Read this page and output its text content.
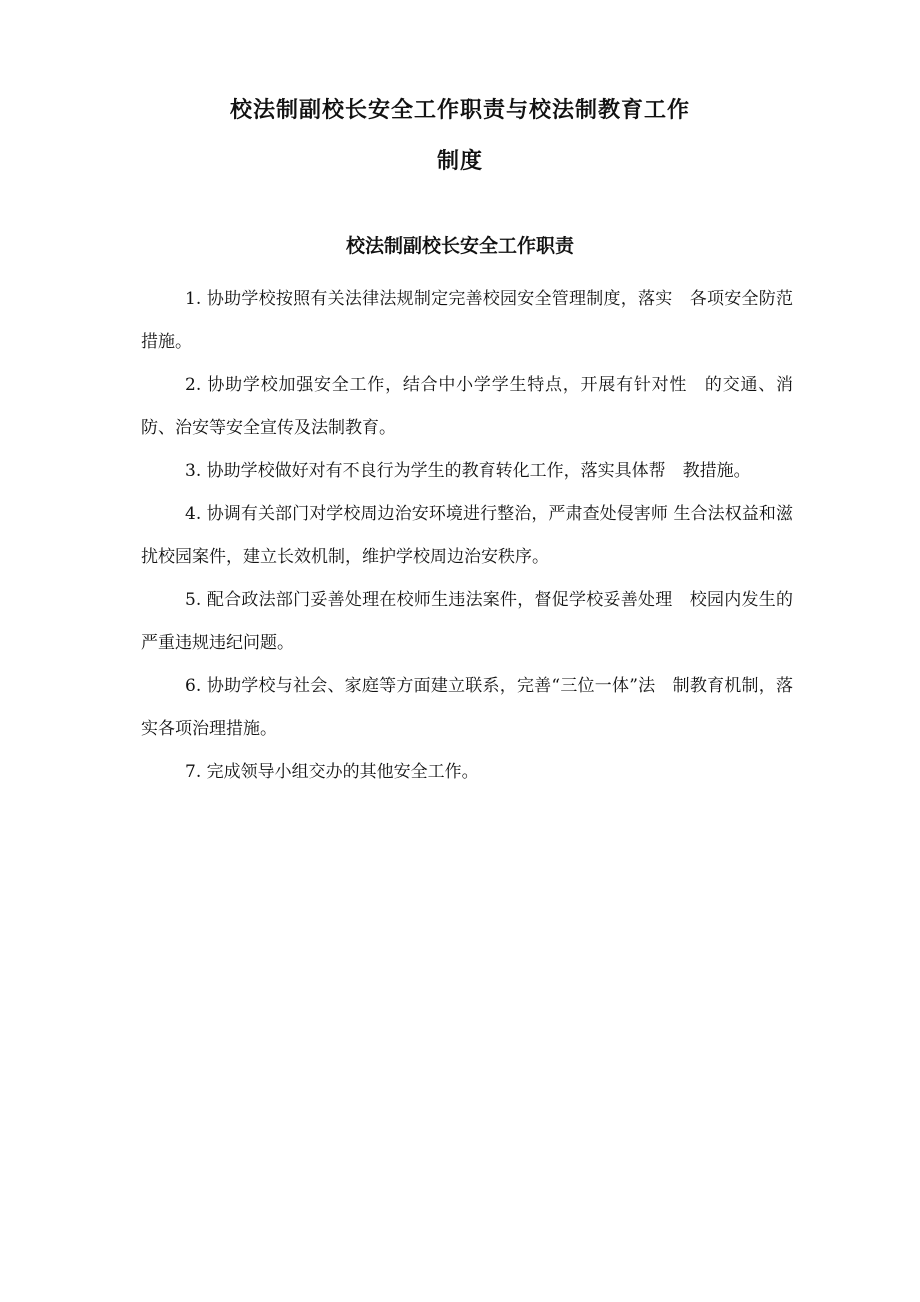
校法制副校长安全工作职责与校法制教育工作
制度
校法制副校长安全工作职责

1. 协助学校按照有关法律法规制定完善校园安全管理制度，落实　各项安全防范措施。

2. 协助学校加强安全工作，结合中小学学生特点，开展有针对性　的交通、消防、治安等安全宣传及法制教育。

3. 协助学校做好对有不良行为学生的教育转化工作，落实具体帮　教措施。

4. 协调有关部门对学校周边治安环境进行整治，严肃查处侵害师 生合法权益和滋扰校园案件，建立长效机制，维护学校周边治安秩序。

5. 配合政法部门妥善处理在校师生违法案件，督促学校妥善处理　校园内发生的严重违规违纪问题。

6. 协助学校与社会、家庭等方面建立联系，完善“三位一体”法　制教育机制，落实各项治理措施。

7. 完成领导小组交办的其他安全工作。
